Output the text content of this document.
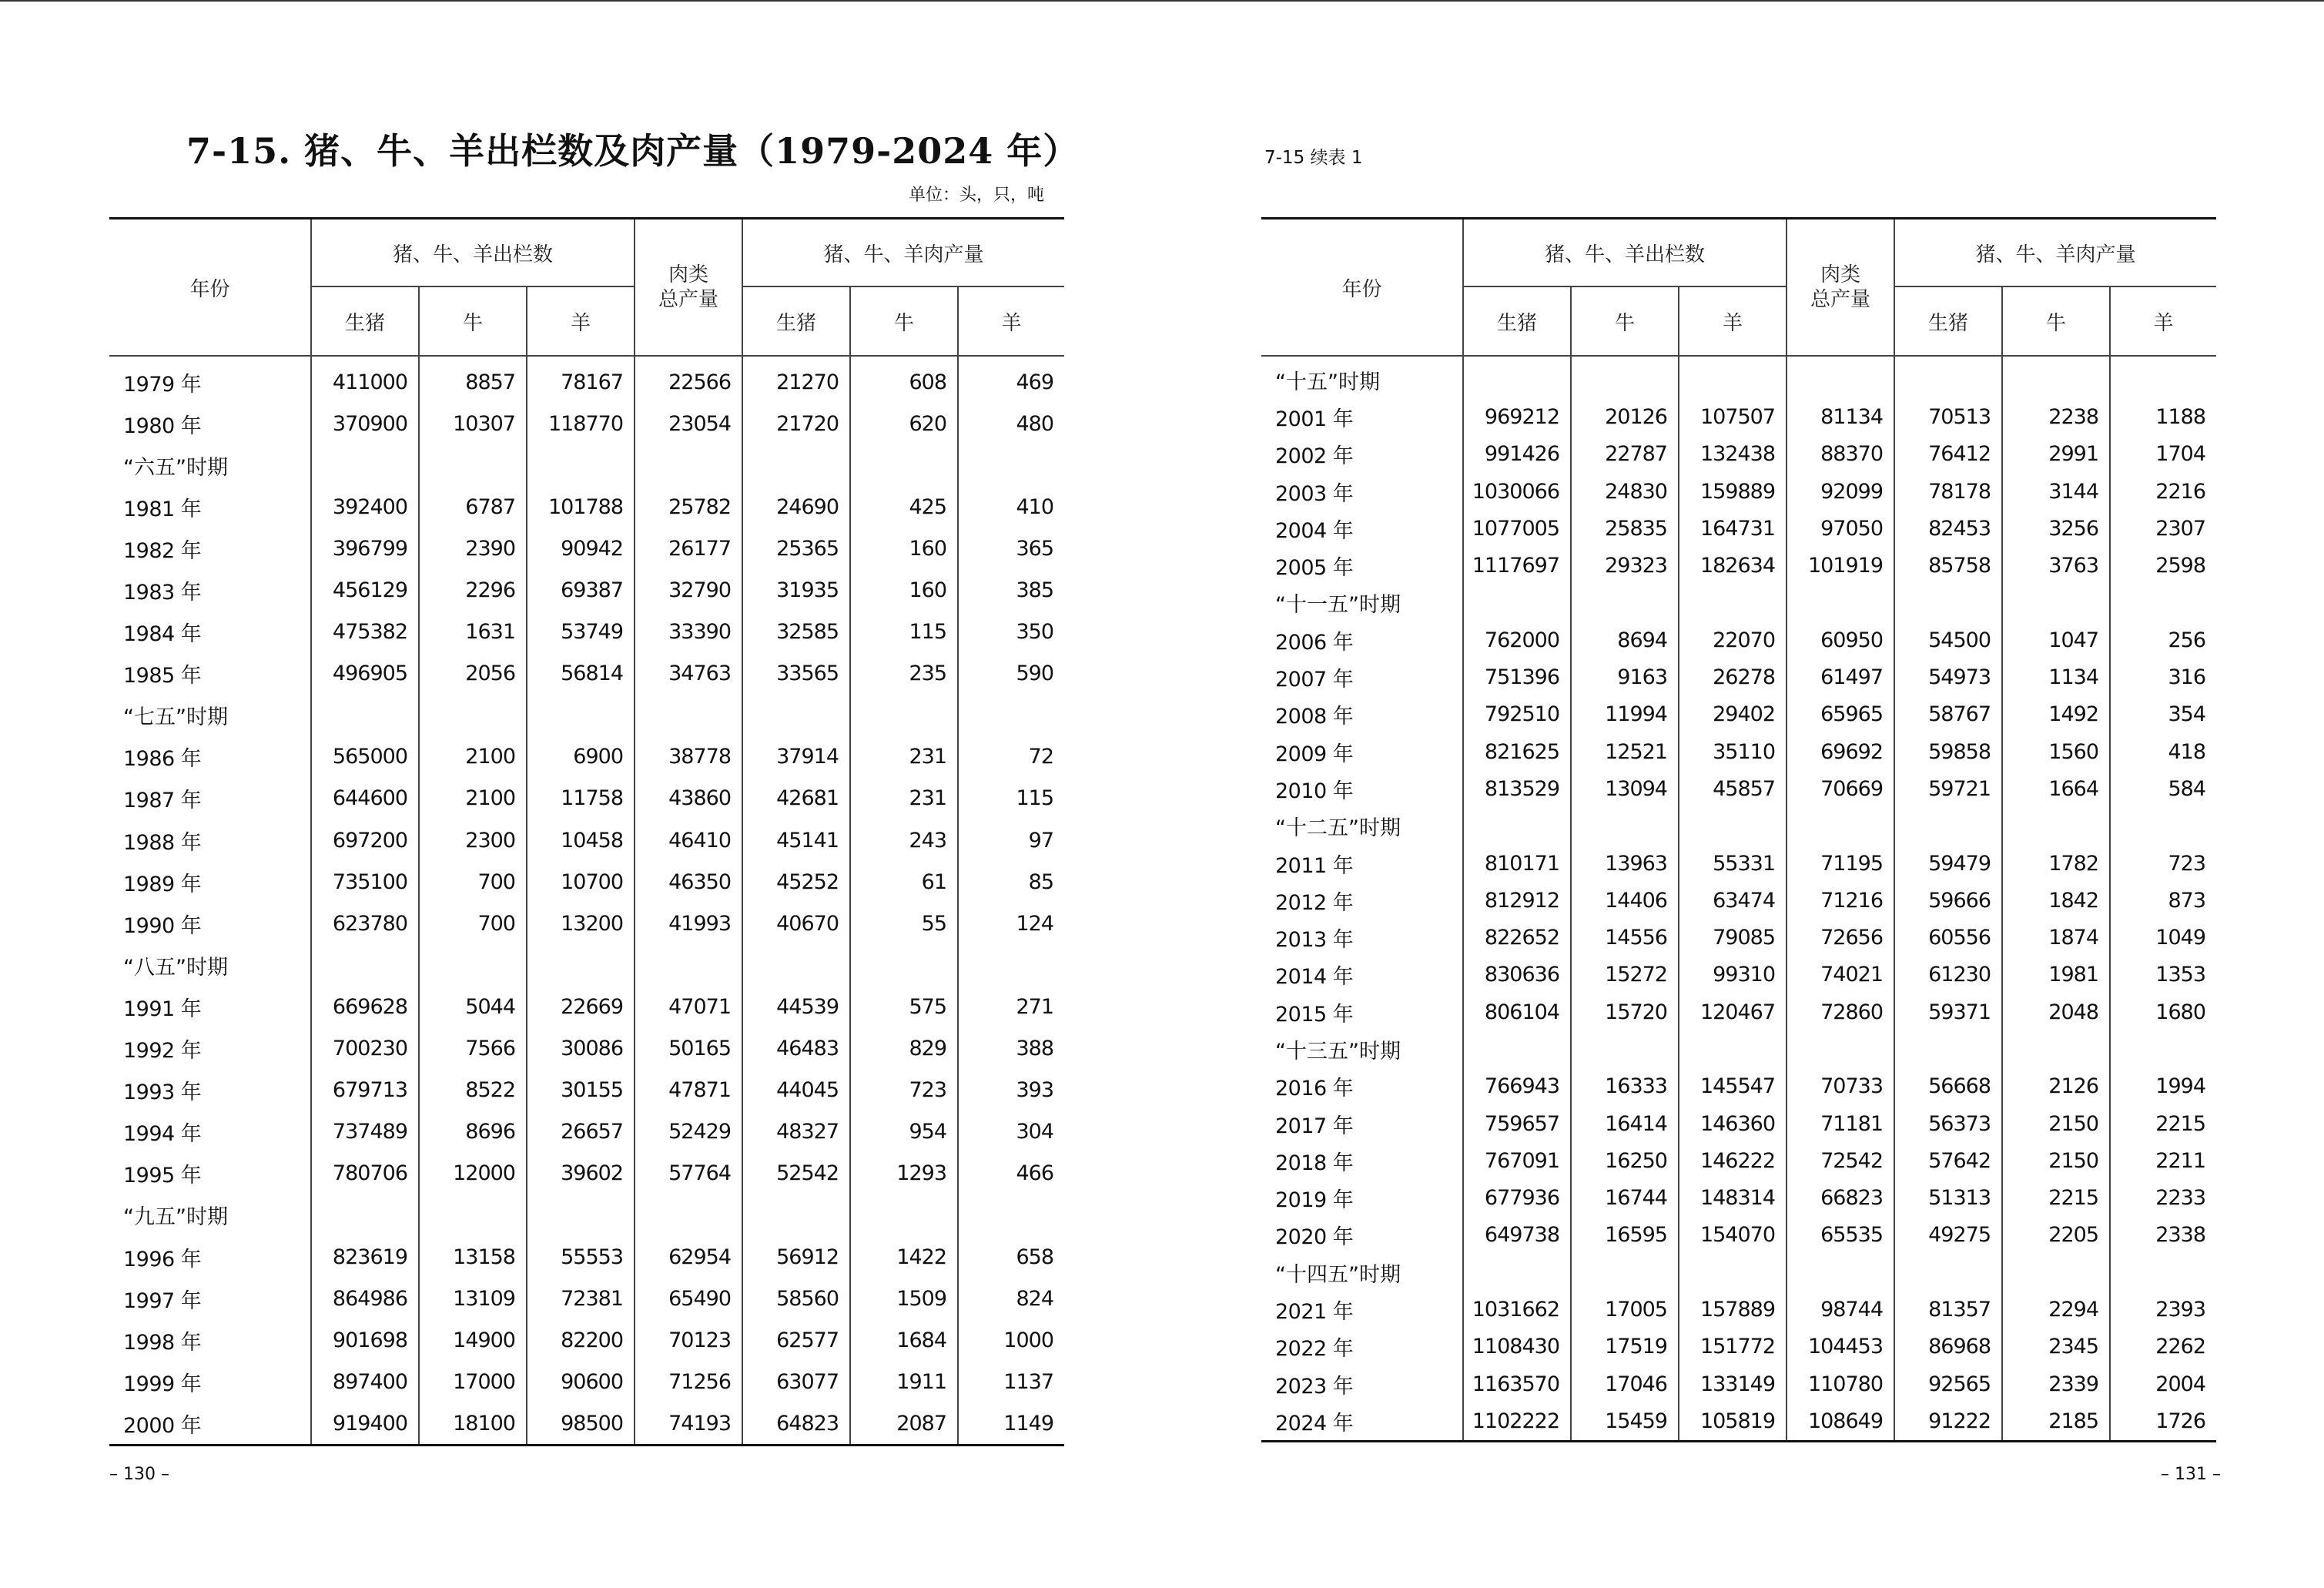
7-15. 猪、牛、羊出栏数及肉产量（1979-2024 年）
单位：头，只，吨
年份	猪、牛、羊出栏数			肉类
总产量	猪、牛、羊肉产量		
	生猪	牛	羊		生猪	牛	羊
1979 年	411000	8857	78167	22566	21270	608	469
1980 年	370900	10307	118770	23054	21720	620	480
“六五”时期							
1981 年	392400	6787	101788	25782	24690	425	410
1982 年	396799	2390	90942	26177	25365	160	365
1983 年	456129	2296	69387	32790	31935	160	385
1984 年	475382	1631	53749	33390	32585	115	350
1985 年	496905	2056	56814	34763	33565	235	590
“七五”时期							
1986 年	565000	2100	6900	38778	37914	231	72
1987 年	644600	2100	11758	43860	42681	231	115
1988 年	697200	2300	10458	46410	45141	243	97
1989 年	735100	700	10700	46350	45252	61	85
1990 年	623780	700	13200	41993	40670	55	124
“八五”时期							
1991 年	669628	5044	22669	47071	44539	575	271
1992 年	700230	7566	30086	50165	46483	829	388
1993 年	679713	8522	30155	47871	44045	723	393
1994 年	737489	8696	26657	52429	48327	954	304
1995 年	780706	12000	39602	57764	52542	1293	466
“九五”时期							
1996 年	823619	13158	55553	62954	56912	1422	658
1997 年	864986	13109	72381	65490	58560	1509	824
1998 年	901698	14900	82200	70123	62577	1684	1000
1999 年	897400	17000	90600	71256	63077	1911	1137
2000 年	919400	18100	98500	74193	64823	2087	1149
– 130 –
7-15 续表 1
年份	猪、牛、羊出栏数			肉类
总产量	猪、牛、羊肉产量		
	生猪	牛	羊		生猪	牛	羊
“十五”时期							
2001 年	969212	20126	107507	81134	70513	2238	1188
2002 年	991426	22787	132438	88370	76412	2991	1704
2003 年	1030066	24830	159889	92099	78178	3144	2216
2004 年	1077005	25835	164731	97050	82453	3256	2307
2005 年	1117697	29323	182634	101919	85758	3763	2598
“十一五”时期							
2006 年	762000	8694	22070	60950	54500	1047	256
2007 年	751396	9163	26278	61497	54973	1134	316
2008 年	792510	11994	29402	65965	58767	1492	354
2009 年	821625	12521	35110	69692	59858	1560	418
2010 年	813529	13094	45857	70669	59721	1664	584
“十二五”时期							
2011 年	810171	13963	55331	71195	59479	1782	723
2012 年	812912	14406	63474	71216	59666	1842	873
2013 年	822652	14556	79085	72656	60556	1874	1049
2014 年	830636	15272	99310	74021	61230	1981	1353
2015 年	806104	15720	120467	72860	59371	2048	1680
“十三五”时期							
2016 年	766943	16333	145547	70733	56668	2126	1994
2017 年	759657	16414	146360	71181	56373	2150	2215
2018 年	767091	16250	146222	72542	57642	2150	2211
2019 年	677936	16744	148314	66823	51313	2215	2233
2020 年	649738	16595	154070	65535	49275	2205	2338
“十四五”时期							
2021 年	1031662	17005	157889	98744	81357	2294	2393
2022 年	1108430	17519	151772	104453	86968	2345	2262
2023 年	1163570	17046	133149	110780	92565	2339	2004
2024 年	1102222	15459	105819	108649	91222	2185	1726
– 131 –
